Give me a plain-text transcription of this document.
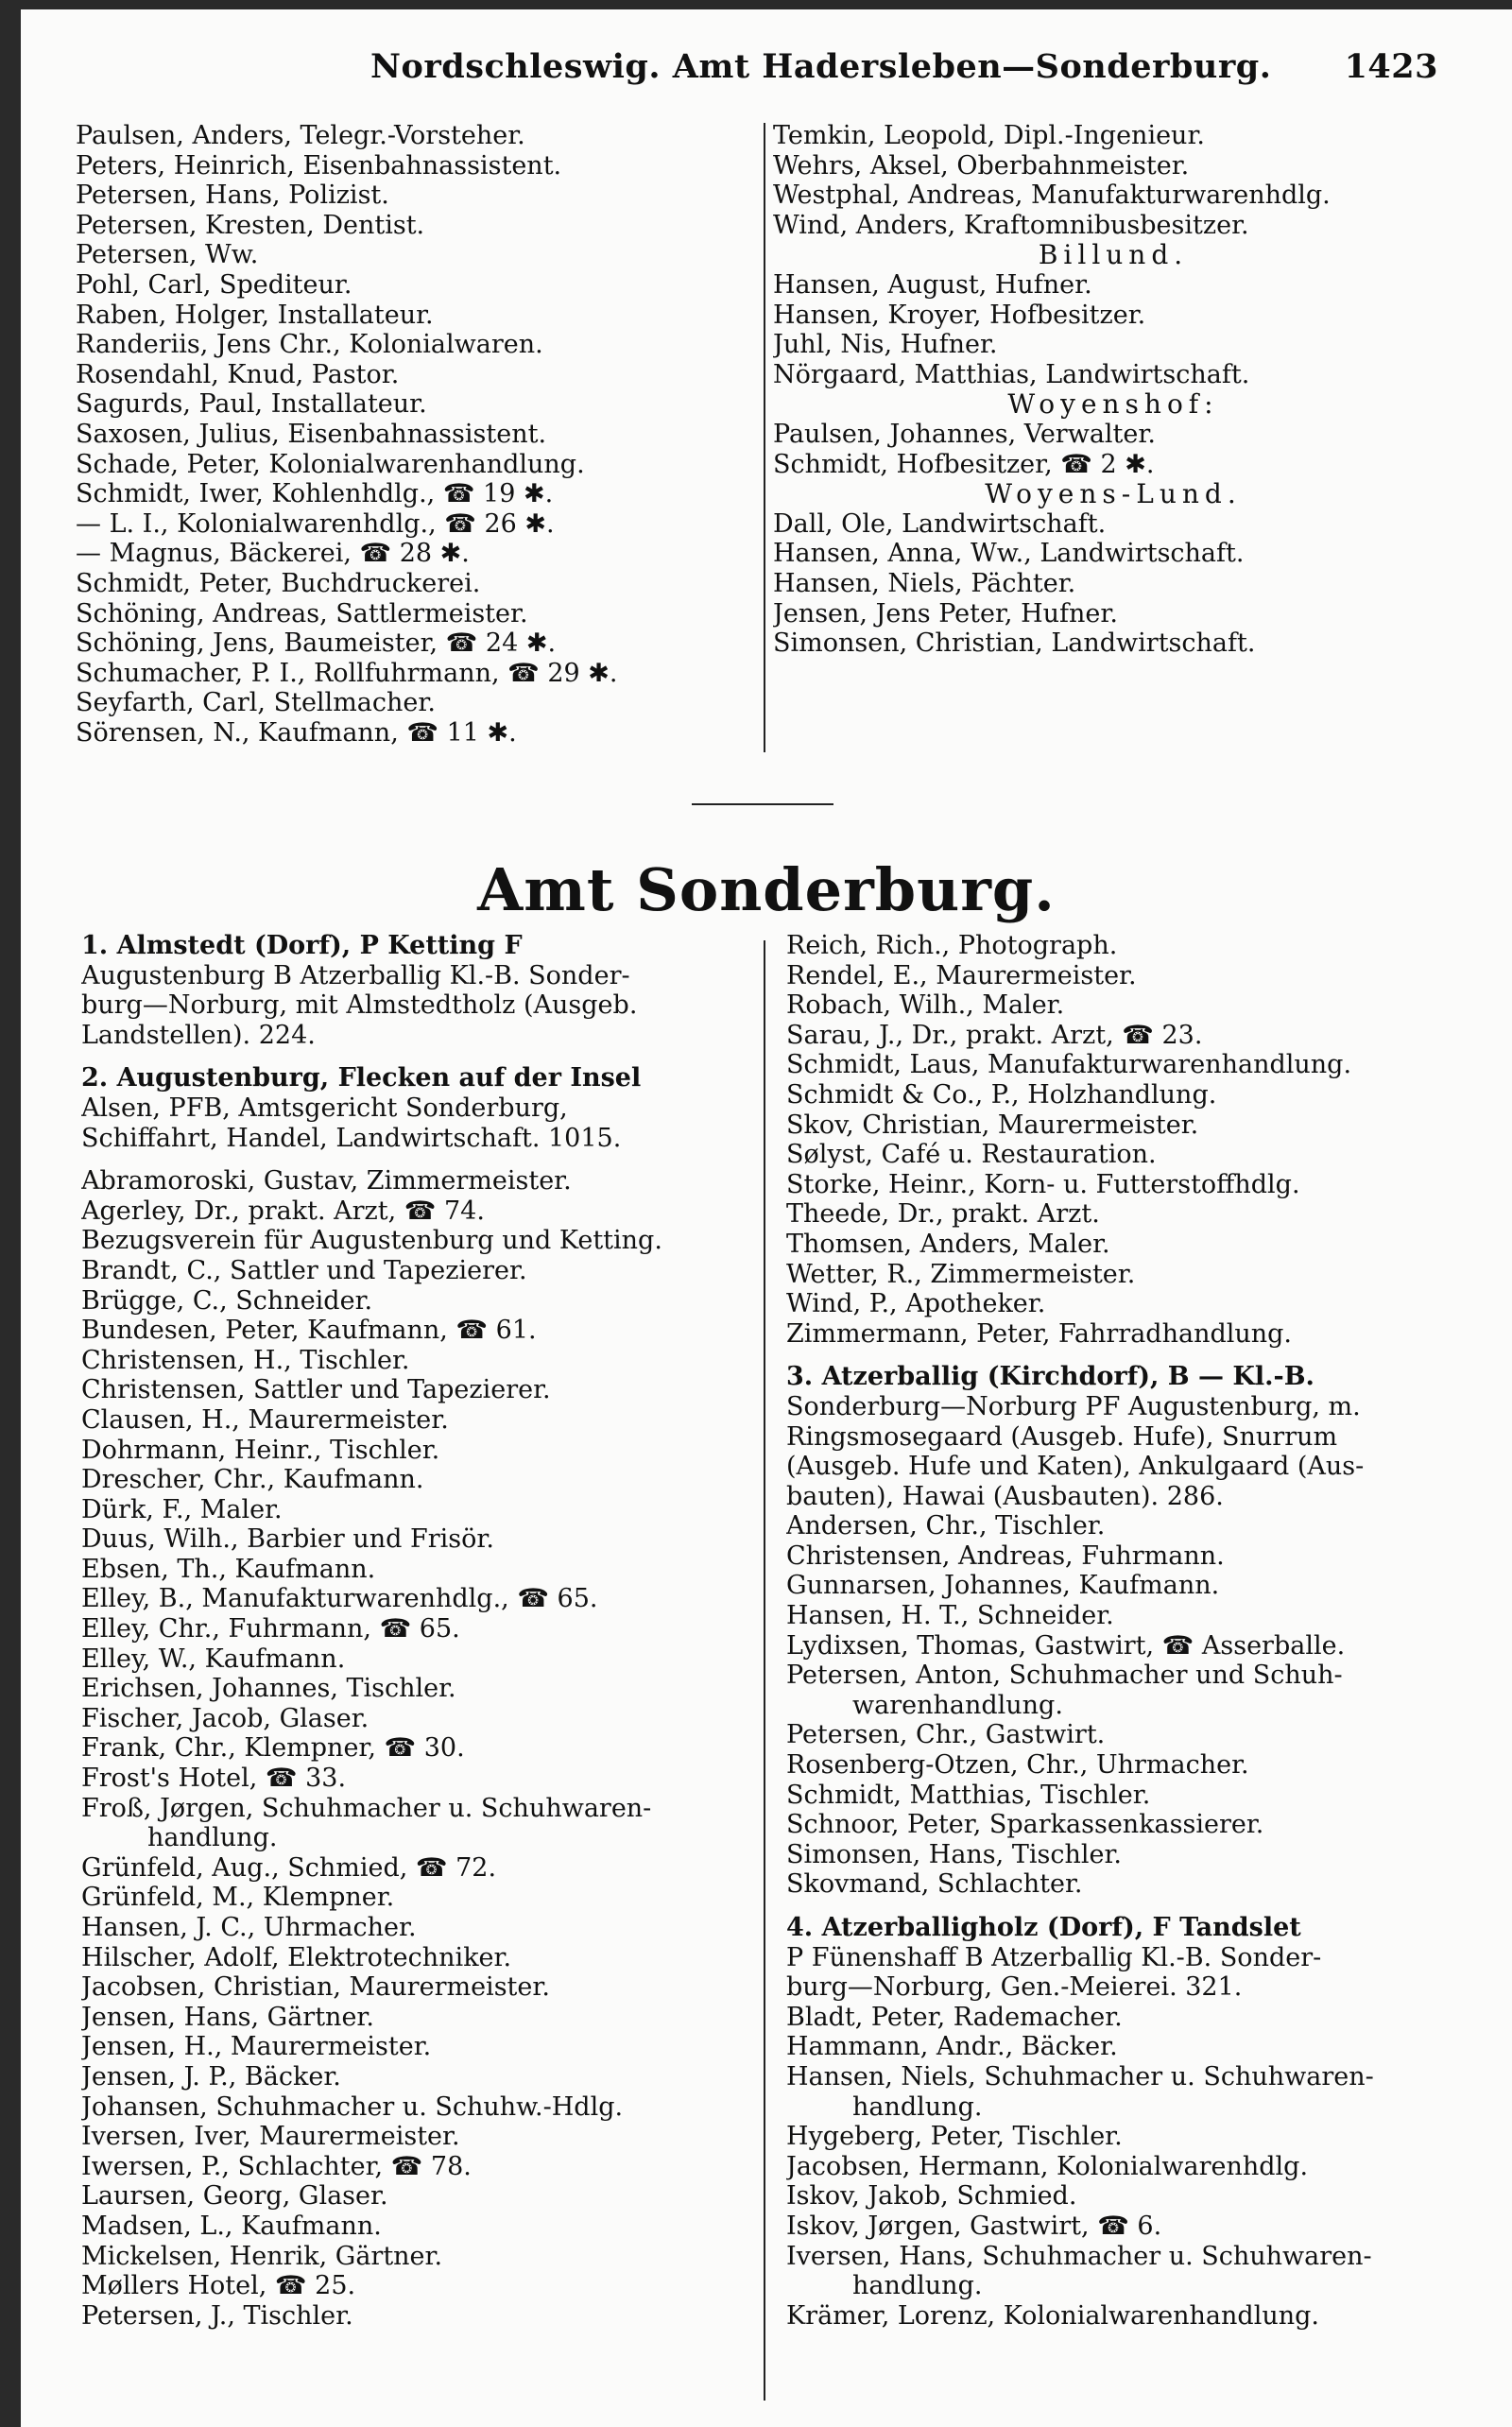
Nordschleswig. Amt Hadersleben—Sonderburg. 1423
Paulsen, Anders, Telegr.-Vorsteher.
Peters, Heinrich, Eisenbahnassistent.
Petersen, Hans, Polizist.
Petersen, Kresten, Dentist.
Petersen, Ww.
Pohl, Carl, Spediteur.
Raben, Holger, Installateur.
Randeriis, Jens Chr., Kolonialwaren.
Rosendahl, Knud, Pastor.
Sagurds, Paul, Installateur.
Saxosen, Julius, Eisenbahnassistent.
Schade, Peter, Kolonialwarenhandlung.
Schmidt, Iwer, Kohlenhdlg., ☎ 19 ✱.
— L. I., Kolonialwarenhdlg., ☎ 26 ✱.
— Magnus, Bäckerei, ☎ 28 ✱.
Schmidt, Peter, Buchdruckerei.
Schöning, Andreas, Sattlermeister.
Schöning, Jens, Baumeister, ☎ 24 ✱.
Schumacher, P. I., Rollfuhrmann, ☎ 29 ✱.
Seyfarth, Carl, Stellmacher.
Sörensen, N., Kaufmann, ☎ 11 ✱.
Temkin, Leopold, Dipl.-Ingenieur.
Wehrs, Aksel, Oberbahnmeister.
Westphal, Andreas, Manufakturwarenhdlg.
Wind, Anders, Kraftomnibusbesitzer.
Billund.
Hansen, August, Hufner.
Hansen, Kroyer, Hofbesitzer.
Juhl, Nis, Hufner.
Nörgaard, Matthias, Landwirtschaft.
Woyenshof:
Paulsen, Johannes, Verwalter.
Schmidt, Hofbesitzer, ☎ 2 ✱.
Woyens-Lund.
Dall, Ole, Landwirtschaft.
Hansen, Anna, Ww., Landwirtschaft.
Hansen, Niels, Pächter.
Jensen, Jens Peter, Hufner.
Simonsen, Christian, Landwirtschaft.
Amt Sonderburg.
1. Almstedt (Dorf), P Ketting F
Augustenburg B Atzerballig Kl.-B. Sonder-
burg—Norburg, mit Almstedtholz (Ausgeb.
Landstellen). 224.
2. Augustenburg, Flecken auf der Insel
Alsen, PFB, Amtsgericht Sonderburg,
Schiffahrt, Handel, Landwirtschaft. 1015.
Abramoroski, Gustav, Zimmermeister.
Agerley, Dr., prakt. Arzt, ☎ 74.
Bezugsverein für Augustenburg und Ketting.
Brandt, C., Sattler und Tapezierer.
Brügge, C., Schneider.
Bundesen, Peter, Kaufmann, ☎ 61.
Christensen, H., Tischler.
Christensen, Sattler und Tapezierer.
Clausen, H., Maurermeister.
Dohrmann, Heinr., Tischler.
Drescher, Chr., Kaufmann.
Dürk, F., Maler.
Duus, Wilh., Barbier und Frisör.
Ebsen, Th., Kaufmann.
Elley, B., Manufakturwarenhdlg., ☎ 65.
Elley, Chr., Fuhrmann, ☎ 65.
Elley, W., Kaufmann.
Erichsen, Johannes, Tischler.
Fischer, Jacob, Glaser.
Frank, Chr., Klempner, ☎ 30.
Frost's Hotel, ☎ 33.
Froß, Jørgen, Schuhmacher u. Schuhwaren-
handlung.
Grünfeld, Aug., Schmied, ☎ 72.
Grünfeld, M., Klempner.
Hansen, J. C., Uhrmacher.
Hilscher, Adolf, Elektrotechniker.
Jacobsen, Christian, Maurermeister.
Jensen, Hans, Gärtner.
Jensen, H., Maurermeister.
Jensen, J. P., Bäcker.
Johansen, Schuhmacher u. Schuhw.-Hdlg.
Iversen, Iver, Maurermeister.
Iwersen, P., Schlachter, ☎ 78.
Laursen, Georg, Glaser.
Madsen, L., Kaufmann.
Mickelsen, Henrik, Gärtner.
Møllers Hotel, ☎ 25.
Petersen, J., Tischler.
Reich, Rich., Photograph.
Rendel, E., Maurermeister.
Robach, Wilh., Maler.
Sarau, J., Dr., prakt. Arzt, ☎ 23.
Schmidt, Laus, Manufakturwarenhandlung.
Schmidt & Co., P., Holzhandlung.
Skov, Christian, Maurermeister.
Sølyst, Café u. Restauration.
Storke, Heinr., Korn- u. Futterstoffhdlg.
Theede, Dr., prakt. Arzt.
Thomsen, Anders, Maler.
Wetter, R., Zimmermeister.
Wind, P., Apotheker.
Zimmermann, Peter, Fahrradhandlung.
3. Atzerballig (Kirchdorf), B — Kl.-B.
Sonderburg—Norburg PF Augustenburg, m.
Ringsmosegaard (Ausgeb. Hufe), Snurrum
(Ausgeb. Hufe und Katen), Ankulgaard (Aus-
bauten), Hawai (Ausbauten). 286.
Andersen, Chr., Tischler.
Christensen, Andreas, Fuhrmann.
Gunnarsen, Johannes, Kaufmann.
Hansen, H. T., Schneider.
Lydixsen, Thomas, Gastwirt, ☎ Asserballe.
Petersen, Anton, Schuhmacher und Schuh-
warenhandlung.
Petersen, Chr., Gastwirt.
Rosenberg-Otzen, Chr., Uhrmacher.
Schmidt, Matthias, Tischler.
Schnoor, Peter, Sparkassenkassierer.
Simonsen, Hans, Tischler.
Skovmand, Schlachter.
4. Atzerballigholz (Dorf), F Tandslet
P Fünenshaff B Atzerballig Kl.-B. Sonder-
burg—Norburg, Gen.-Meierei. 321.
Bladt, Peter, Rademacher.
Hammann, Andr., Bäcker.
Hansen, Niels, Schuhmacher u. Schuhwaren-
handlung.
Hygeberg, Peter, Tischler.
Jacobsen, Hermann, Kolonialwarenhdlg.
Iskov, Jakob, Schmied.
Iskov, Jørgen, Gastwirt, ☎ 6.
Iversen, Hans, Schuhmacher u. Schuhwaren-
handlung.
Krämer, Lorenz, Kolonialwarenhandlung.
